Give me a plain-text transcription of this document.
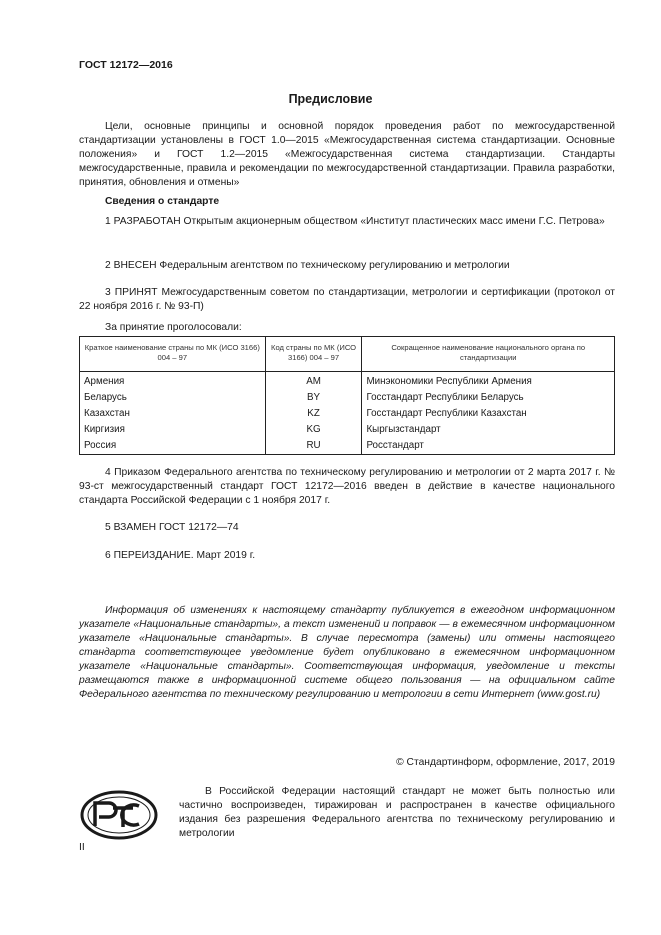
ГОСТ 12172—2016
Предисловие

Цели, основные принципы и основной порядок проведения работ по межгосударственной стандартизации установлены в ГОСТ 1.0—2015 «Межгосударственная система стандартизации. Основные положения» и ГОСТ 1.2—2015 «Межгосударственная система стандартизации. Стандарты межгосударственные, правила и рекомендации по межгосударственной стандартизации. Правила разработки, принятия, обновления и отмены»

Сведения о стандарте

1 РАЗРАБОТАН Открытым акционерным обществом «Институт пластических масс имени Г.С. Петрова»

2 ВНЕСЕН Федеральным агентством по техническому регулированию и метрологии

3 ПРИНЯТ Межгосударственным советом по стандартизации, метрологии и сертификации (протокол от 22 ноября 2016 г. № 93-П)

За принятие проголосовали:
Краткое наименование страны по МК (ИСО 3166) 004 – 97	Код страны по МК (ИСО 3166) 004 – 97	Сокращенное наименование национального органа по стандартизации
Армения	AM	Минэкономики Республики Армения
Беларусь	BY	Госстандарт Республики Беларусь
Казахстан	KZ	Госстандарт Республики Казахстан
Киргизия	KG	Кыргызстандарт
Россия	RU	Росстандарт

4 Приказом Федерального агентства по техническому регулированию и метрологии от 2 марта 2017 г. № 93-ст межгосударственный стандарт ГОСТ 12172—2016 введен в действие в качестве национального стандарта Российской Федерации с 1 ноября 2017 г.

5 ВЗАМЕН ГОСТ 12172—74
6 ПЕРЕИЗДАНИЕ. Март 2019 г.

Информация об изменениях к настоящему стандарту публикуется в ежегодном информационном указателе «Национальные стандарты», а текст изменений и поправок — в ежемесячном информационном указателе «Национальные стандарты». В случае пересмотра (замены) или отмены настоящего стандарта соответствующее уведомление будет опубликовано в ежемесячном информационном указателе «Национальные стандарты». Соответствующая информация, уведомление и тексты размещаются также в информационной системе общего пользования — на официальном сайте Федерального агентства по техническому регулированию и метрологии в сети Интернет (www.gost.ru)

© Стандартинформ, оформление, 2017, 2019

В Российской Федерации настоящий стандарт не может быть полностью или частично воспроизведен, тиражирован и распространен в качестве официального издания без разрешения Федерального агентства по техническому регулированию и метрологии

II
